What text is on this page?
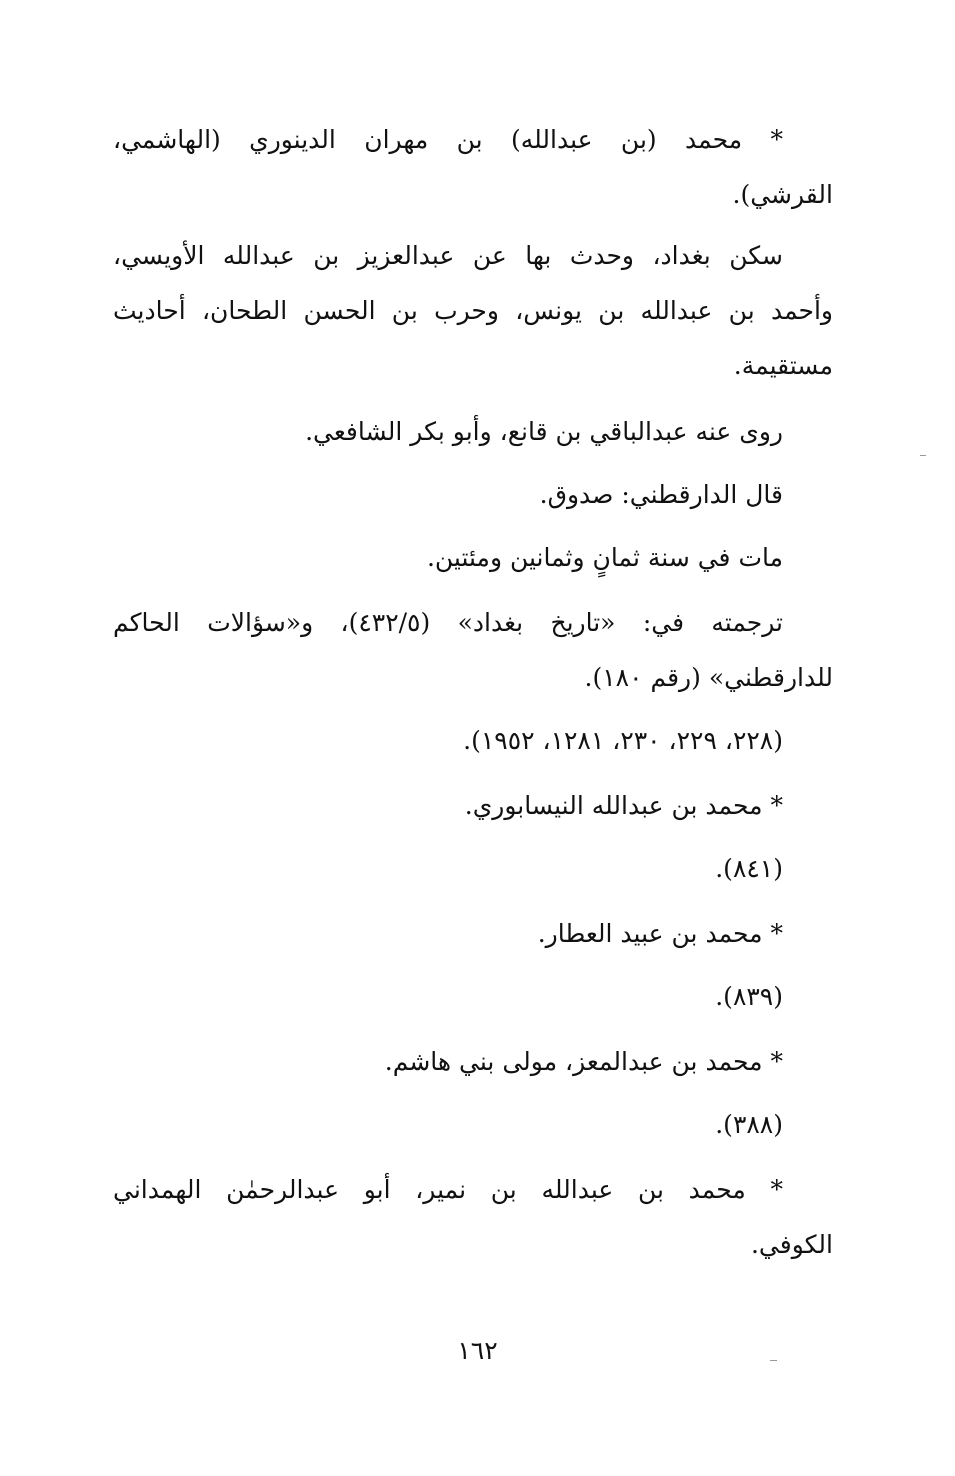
* محمد (بن عبدالله) بن مهران الدينوري (الهاشمي،
القرشي).
سكن بغداد، وحدث بها عن عبدالعزيز بن عبدالله الأويسي،
وأحمد بن عبدالله بن يونس، وحرب بن الحسن الطحان، أحاديث
مستقيمة.
روى عنه عبدالباقي بن قانع، وأبو بكر الشافعي.
قال الدارقطني: صدوق.
مات في سنة ثمانٍ وثمانين ومئتين.
ترجمته في: «تاريخ بغداد» (٤٣٢/٥)، و«سؤالات الحاكم
للدارقطني» (رقم ١٨٠).
(٢٢٨، ٢٢٩، ٢٣٠، ١٢٨١، ١٩٥٢).
* محمد بن عبدالله النيسابوري.
(٨٤١).
* محمد بن عبيد العطار.
(٨٣٩).
* محمد بن عبدالمعز، مولى بني هاشم.
(٣٨٨).
* محمد بن عبدالله بن نمير، أبو عبدالرحمٰن الهمداني
الكوفي.
١٦٢
